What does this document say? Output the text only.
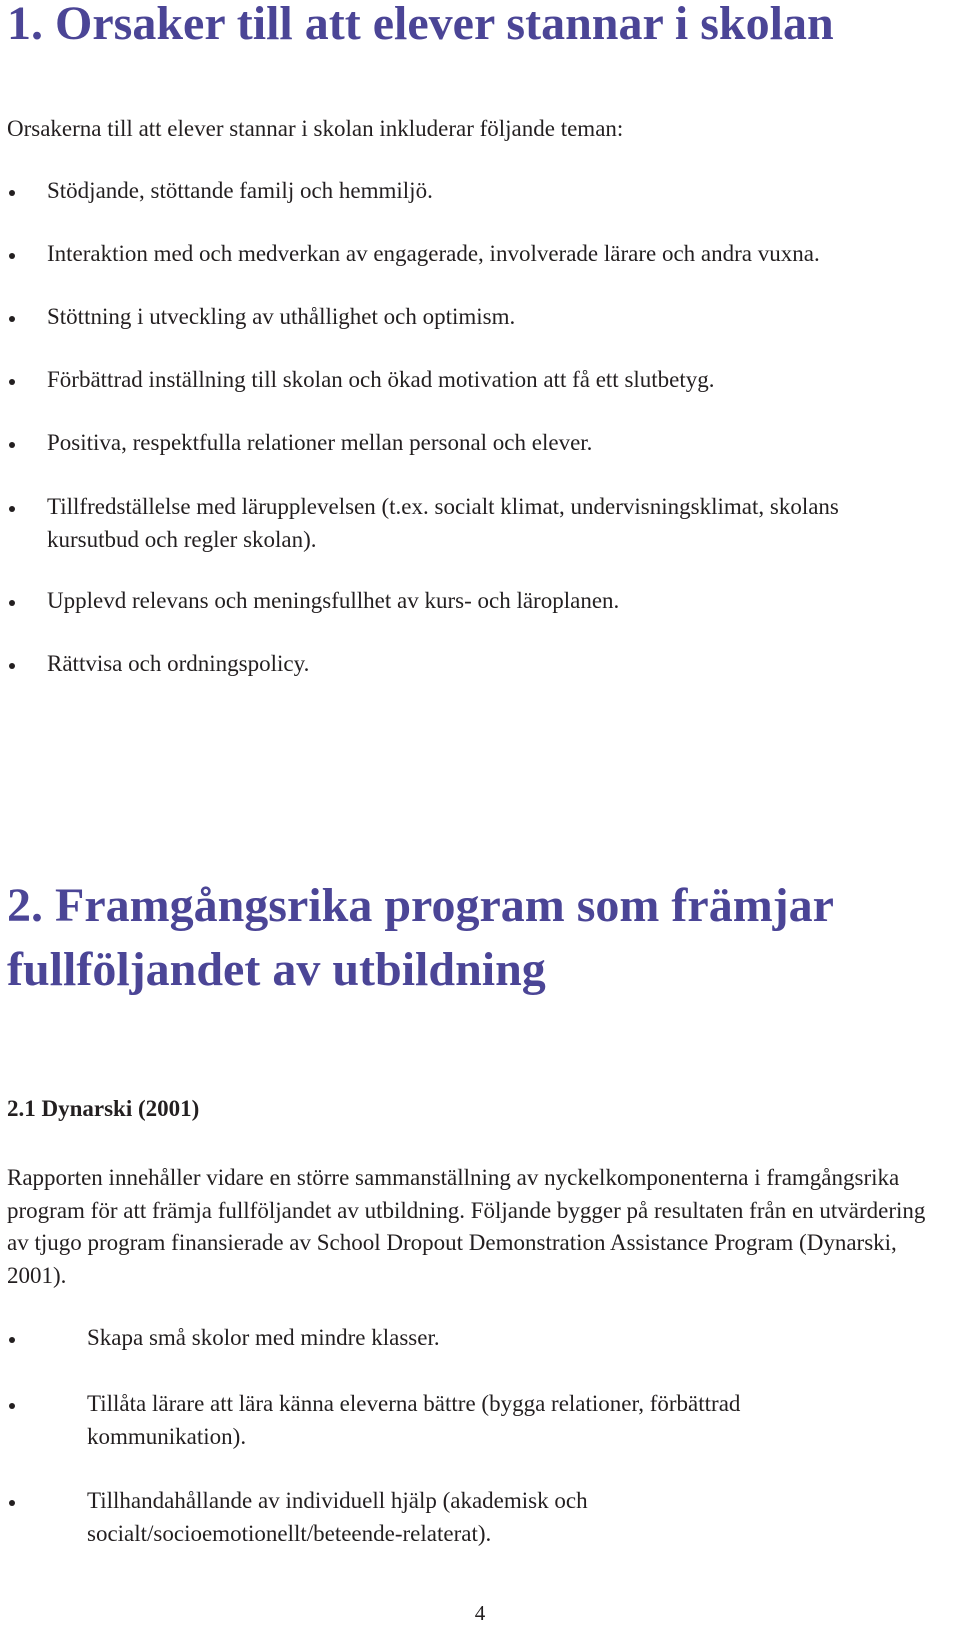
1. Orsaker till att elever stannar i skolan

Orsakerna till att elever stannar i skolan inkluderar följande teman:

Stödjande, stöttande familj och hemmiljö.
Interaktion med och medverkan av engagerade, involverade lärare och andra vuxna.
Stöttning i utveckling av uthållighet och optimism.
Förbättrad inställning till skolan och ökad motivation att få ett slutbetyg.
Positiva, respektfulla relationer mellan personal och elever.
Tillfredställelse med lärupplevelsen (t.ex. socialt klimat, undervisningsklimat, skolans kursutbud och regler skolan).
Upplevd relevans och meningsfullhet av kurs- och läroplanen.
Rättvisa och ordningspolicy.
2. Framgångsrika program som främjar fullföljandet av utbildning

2.1 Dynarski (2001)

Rapporten innehåller vidare en större sammanställning av nyckelkomponenterna i framgångsrika program för att främja fullföljandet av utbildning. Följande bygger på resultaten från en utvärdering av tjugo program finansierade av School Dropout Demonstration Assistance Program (Dynarski, 2001).

Skapa små skolor med mindre klasser.
Tillåta lärare att lära känna eleverna bättre (bygga relationer, förbättrad kommunikation).
Tillhandahållande av individuell hjälp (akademisk och socialt/socioemotionellt/beteende-relaterat).
4
